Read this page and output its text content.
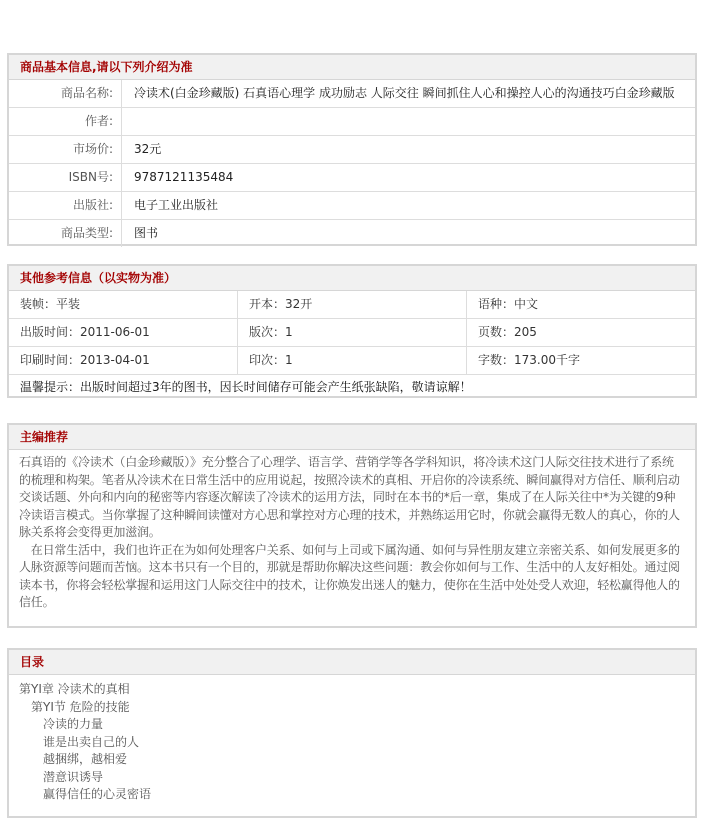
商品基本信息,请以下列介绍为准
商品名称:	冷读术(白金珍藏版) 石真语心理学 成功励志 人际交往 瞬间抓住人心和操控人心的沟通技巧白金珍藏版
作者:
市场价:	32元
ISBN号:	9787121135484
出版社:	电子工业出版社
商品类型:	图书
其他参考信息（以实物为准）
装帧：平装	开本：32开	语种：中文
出版时间：2011-06-01	版次：1	页数：205
印刷时间：2013-04-01	印次：1	字数：173.00千字
温馨提示：出版时间超过3年的图书，因长时间储存可能会产生纸张缺陷，敬请谅解！
主编推荐

石真语的《冷读术（白金珍藏版）》充分整合了心理学、语言学、营销学等各学科知识，将冷读术这门人际交往技术进行了系统的梳理和构架。笔者从冷读术在日常生活中的应用说起，按照冷读术的真相、开启你的冷读系统、瞬间赢得对方信任、顺利启动交谈话题、外向和内向的秘密等内容逐次解读了冷读术的运用方法，同时在本书的*后一章，集成了在人际关往中*为关键的9种冷读语言模式。当你掌握了这种瞬间读懂对方心思和掌控对方心理的技术，并熟练运用它时，你就会赢得无数人的真心，你的人脉关系将会变得更加滋润。

　在日常生活中，我们也许正在为如何处理客户关系、如何与上司或下属沟通、如何与异性朋友建立亲密关系、如何发展更多的人脉资源等问题而苦恼。这本书只有一个目的，那就是帮助你解决这些问题：教会你如何与工作、生活中的人友好相处。通过阅读本书，你将会轻松掌握和运用这门人际交往中的技术，让你焕发出迷人的魅力，使你在生活中处处受人欢迎，轻松赢得他人的信任。

目录
第YI章 冷读术的真相
　第YI节 危险的技能
　　冷读的力量
　　谁是出卖自己的人
　　越捆绑，越相爱
　　潜意识诱导
　　赢得信任的心灵密语
